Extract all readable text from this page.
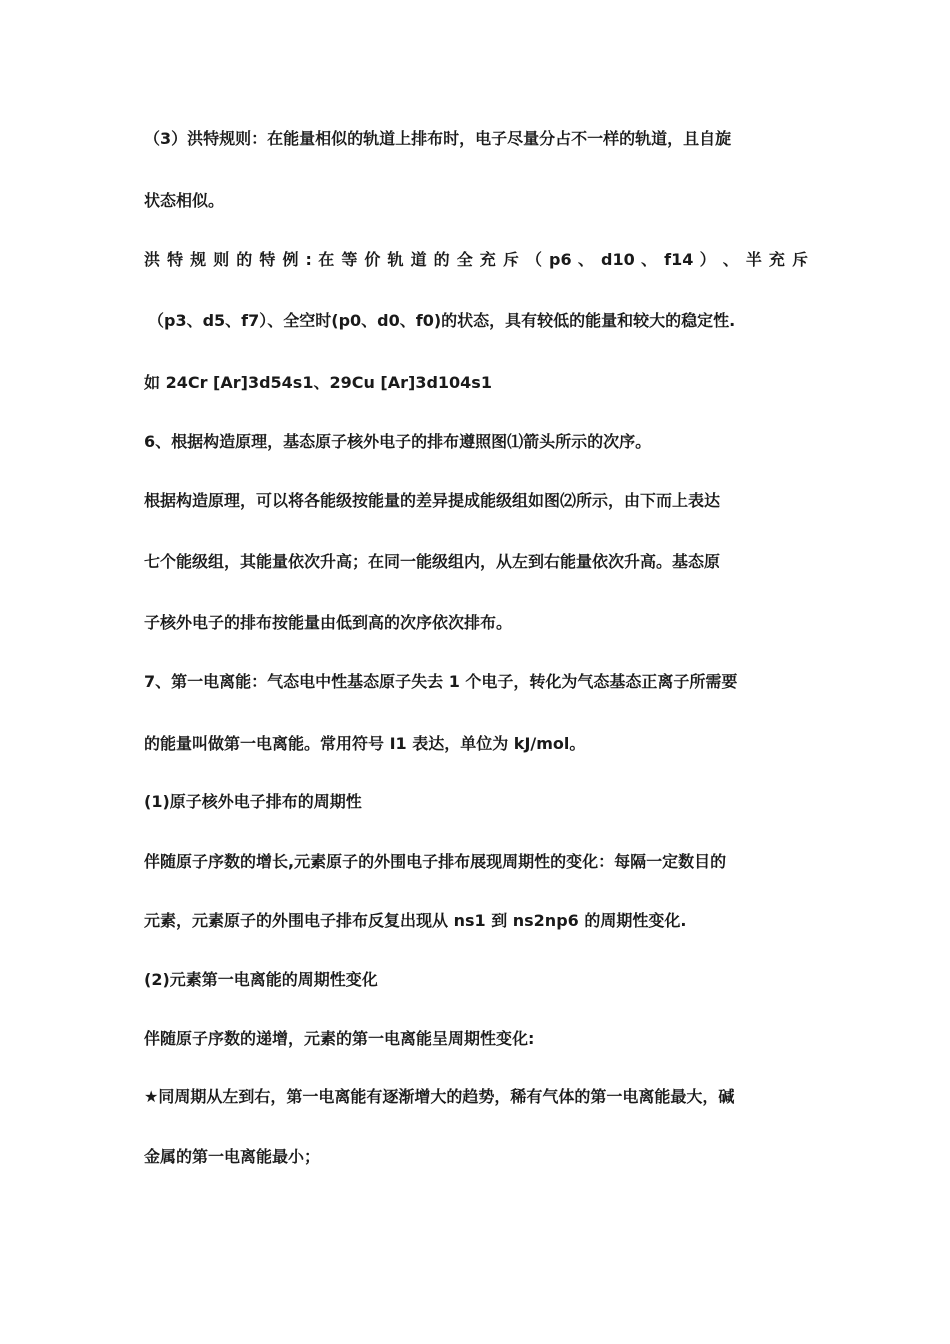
（3）洪特规则：在能量相似的轨道上排布时，电子尽量分占不一样的轨道，且自旋
状态相似。
洪 特 规 则 的 特 例 : 在 等 价 轨 道 的 全 充 斥 （ p6 、 d10 、 f14 ） 、 半 充 斥
（p3、d5、f7）、全空时(p0、d0、f0)的状态，具有较低的能量和较大的稳定性.
如 24Cr [Ar]3d54s1、29Cu [Ar]3d104s1
6、根据构造原理，基态原子核外电子的排布遵照图⑴箭头所示的次序。
根据构造原理，可以将各能级按能量的差异提成能级组如图⑵所示，由下而上表达
七个能级组，其能量依次升高；在同一能级组内，从左到右能量依次升高。基态原
子核外电子的排布按能量由低到高的次序依次排布。
7、第一电离能：气态电中性基态原子失去 1 个电子，转化为气态基态正离子所需要
的能量叫做第一电离能。常用符号 I1 表达，单位为 kJ/mol。
(1)原子核外电子排布的周期性
伴随原子序数的增长,元素原子的外围电子排布展现周期性的变化：每隔一定数目的
元素，元素原子的外围电子排布反复出现从 ns1 到 ns2np6 的周期性变化.
(2)元素第一电离能的周期性变化
伴随原子序数的递增，元素的第一电离能呈周期性变化:
★同周期从左到右，第一电离能有逐渐增大的趋势，稀有气体的第一电离能最大，碱
金属的第一电离能最小；
